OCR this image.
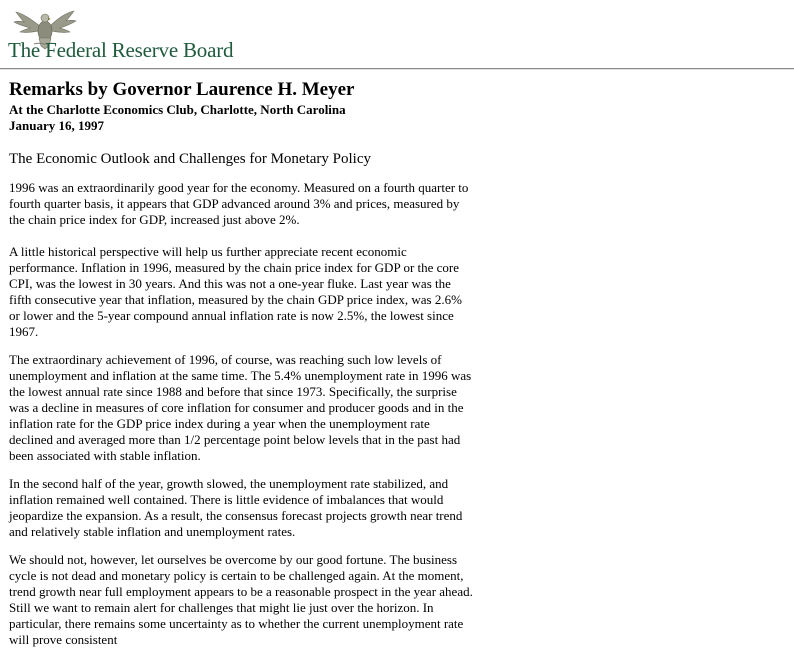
The Federal Reserve Board
Remarks by Governor Laurence H. Meyer

At the Charlotte Economics Club, Charlotte, North Carolina

January 16, 1997

The Economic Outlook and Challenges for Monetary Policy

1996 was an extraordinarily good year for the economy. Measured on a fourth quarter to fourth quarter basis, it appears that GDP advanced around 3% and prices, measured by the chain price index for GDP, increased just above 2%.

A little historical perspective will help us further appreciate recent economic performance. Inflation in 1996, measured by the chain price index for GDP or the core CPI, was the lowest in 30 years. And this was not a one-year fluke. Last year was the fifth consecutive year that inflation, measured by the chain GDP price index, was 2.6% or lower and the 5-year compound annual inflation rate is now 2.5%, the lowest since 1967.

The extraordinary achievement of 1996, of course, was reaching such low levels of unemployment and inflation at the same time. The 5.4% unemployment rate in 1996 was the lowest annual rate since 1988 and before that since 1973. Specifically, the surprise was a decline in measures of core inflation for consumer and producer goods and in the inflation rate for the GDP price index during a year when the unemployment rate declined and averaged more than 1/2 percentage point below levels that in the past had been associated with stable inflation.

In the second half of the year, growth slowed, the unemployment rate stabilized, and inflation remained well contained. There is little evidence of imbalances that would jeopardize the expansion. As a result, the consensus forecast projects growth near trend and relatively stable inflation and unemployment rates.

We should not, however, let ourselves be overcome by our good fortune. The business cycle is not dead and monetary policy is certain to be challenged again. At the moment, trend growth near full employment appears to be a reasonable prospect in the year ahead. Still we want to remain alert for challenges that might lie just over the horizon. In particular, there remains some uncertainty as to whether the current unemployment rate will prove consistent
